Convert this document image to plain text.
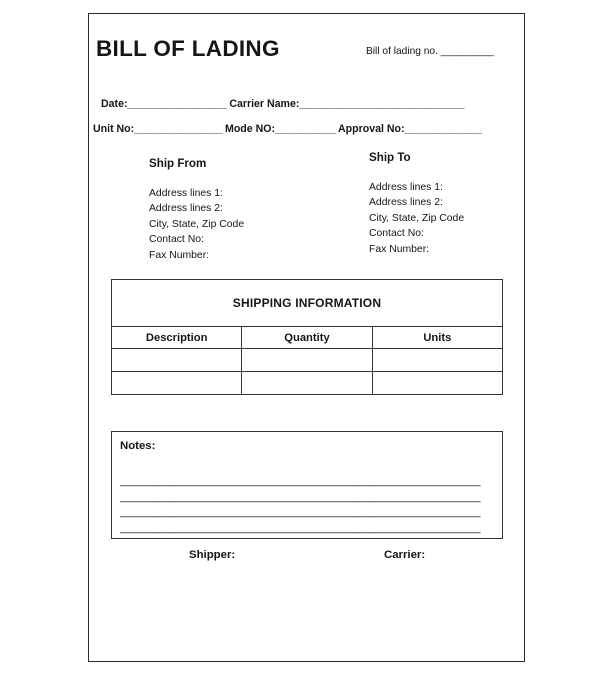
BILL OF LADING	Bill of lading no. __________
Date:__________________ Carrier Name:______________________________
Unit No:________________ Mode NO:___________ Approval No:______________
Ship From
Address lines 1:
Address lines 2:
City, State, Zip Code
Contact No:
Fax Number:
Ship To
Address lines 1:
Address lines 2:
City, State, Zip Code
Contact No:
Fax Number:
SHIPPING INFORMATION		
Description	Quantity	Units

Notes:
_________________________________________________________________
_________________________________________________________________
_________________________________________________________________
_________________________________________________________________
Shipper:	Carrier:
